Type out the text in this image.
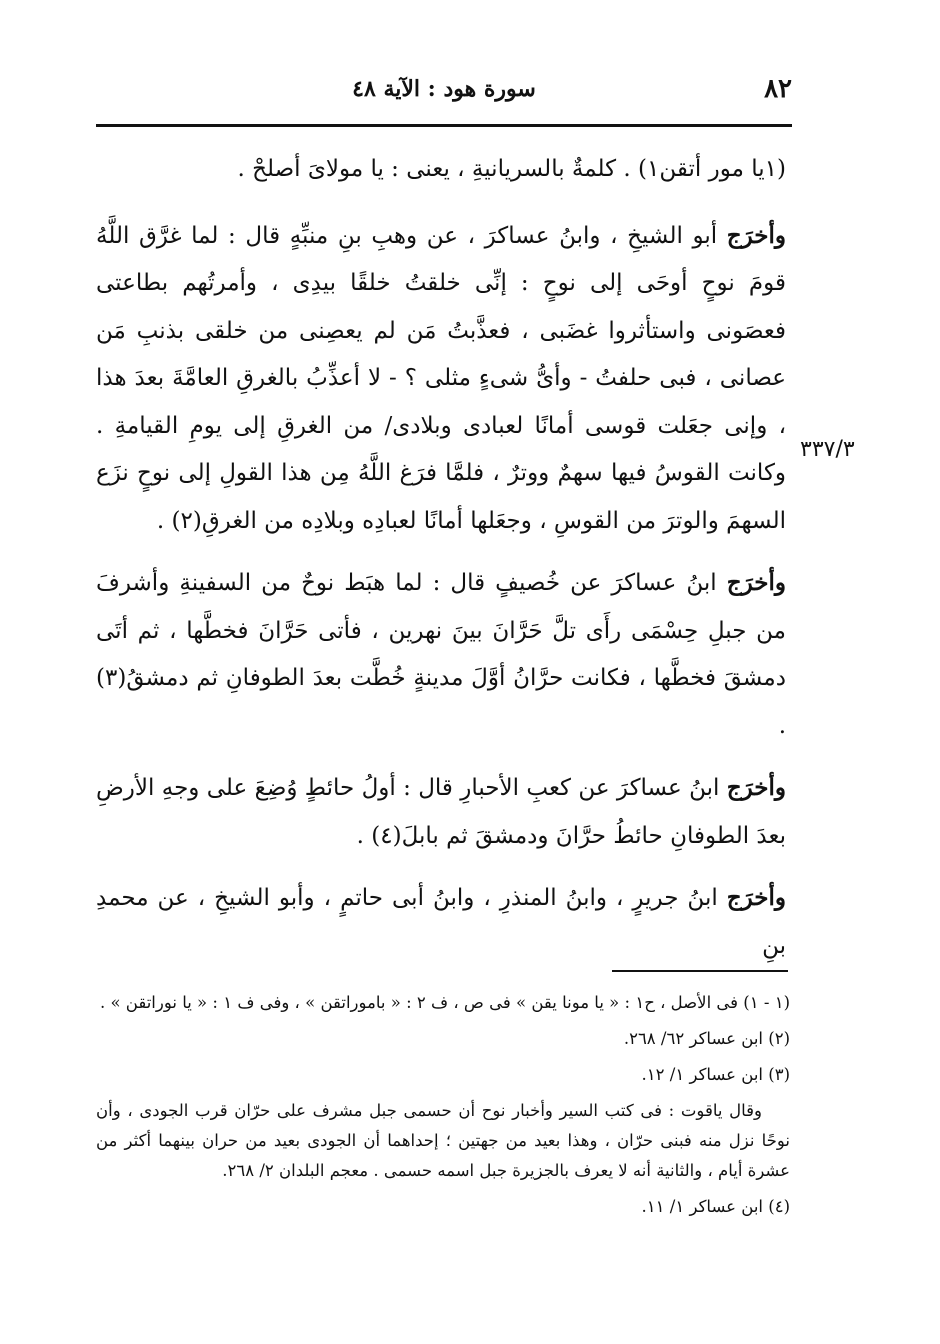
٨٢
سورة هود : الآية ٤٨
٣٣٧/٣

(١يا مور أتقن١) . كلمةٌ بالسريانيةِ ، يعنى : يا مولاىَ أصلحْ .

وأخرَج أبو الشيخِ ، وابنُ عساكرَ ، عن وهبِ بنِ منبِّهٍ قال : لما غرَّق اللَّهُ قومَ نوحٍ أوحَى إلى نوحٍ : إنِّى خلقتُ خلقًا بيدِى ، وأمرتُهم بطاعتى فعصَونى واستأثروا غضَبى ، فعذَّبتُ مَن لم يعصِنى من خلقى بذنبِ مَن عصانى ، فبى حلفتُ - وأىُّ شىءٍ مثلى ؟ - لا أعذِّبُ بالغرقِ العامَّةَ بعدَ هذا ، وإنى جعَلت قوسى أمانًا لعبادى وبلادى/ من الغرقِ إلى يومِ القيامةِ . وكانت القوسُ فيها سهمٌ ووترٌ ، فلمَّا فرَغ اللَّهُ مِن هذا القولِ إلى نوحٍ نزَع السهمَ والوترَ من القوسِ ، وجعَلها أمانًا لعبادِه وبلادِه من الغرقِ(٢) .

وأخرَج ابنُ عساكرَ عن خُصيفٍ قال : لما هبَط نوحٌ من السفينةِ وأشرفَ من جبلِ حِسْمَى رأَى تلَّ حَرَّانَ بينَ نهرين ، فأتى حَرَّانَ فخطَّها ، ثم أتَى دمشقَ فخطَّها ، فكانت حرَّانُ أوَّلَ مدينةٍ خُطَّت بعدَ الطوفانِ ثم دمشقُ(٣) .

وأخرَج ابنُ عساكرَ عن كعبِ الأحبارِ قال : أولُ حائطٍ وُضِعَ على وجهِ الأرضِ بعدَ الطوفانِ حائطُ حرَّانَ ودمشقَ ثم بابلَ(٤) .

وأخرَج ابنُ جريرٍ ، وابنُ المنذرِ ، وابنُ أبى حاتمٍ ، وأبو الشيخِ ، عن محمدِ بنِ

(١ - ١) فى الأصل ، ح١ : « يا مونا يقن » فى ص ، ف ٢ : « باموراتقن » ، وفى ف ١ : « يا نوراتقن » .

(٢) ابن عساكر ٦٢/ ٢٦٨.

(٣) ابن عساكر ١/ ١٢.

وقال ياقوت : فى كتب السير وأخبار نوح أن حسمى جبل مشرف على حرّان قرب الجودى ، وأن نوحًا نزل منه فبنى حرّان ، وهذا بعيد من جهتين ؛ إحداهما أن الجودى بعيد من حران بينهما أكثر من عشرة أيام ، والثانية أنه لا يعرف بالجزيرة جبل اسمه حسمى . معجم البلدان ٢/ ٢٦٨.

(٤) ابن عساكر ١/ ١١.
